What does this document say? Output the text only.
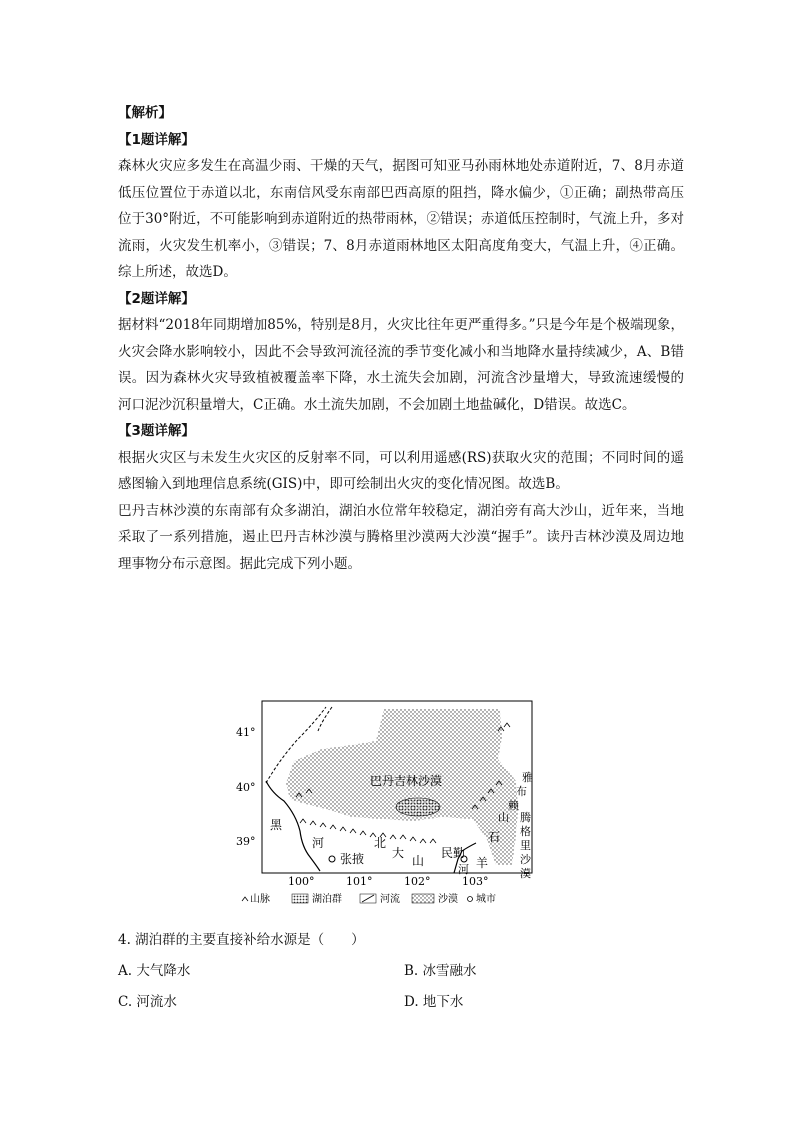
【解析】

【1题详解】

森林火灾应多发生在高温少雨、干燥的天气，据图可知亚马孙雨林地处赤道附近，7、8月赤道低压位置位于赤道以北，东南信风受东南部巴西高原的阻挡，降水偏少，①正确；副热带高压位于30°附近，不可能影响到赤道附近的热带雨林，②错误；赤道低压控制时，气流上升，多对流雨，火灾发生机率小，③错误；7、8月赤道雨林地区太阳高度角变大，气温上升，④正确。综上所述，故选D。

【2题详解】

据材料“2018年同期增加85%，特别是8月，火灾比往年更严重得多。”只是今年是个极端现象，火灾会降水影响较小，因此不会导致河流径流的季节变化减小和当地降水量持续减少，A、B错误。因为森林火灾导致植被覆盖率下降，水土流失会加剧，河流含沙量增大，导致流速缓慢的河口泥沙沉积量增大，C正确。水土流失加剧，不会加剧土地盐碱化，D错误。故选C。

【3题详解】

根据火灾区与未发生火灾区的反射率不同，可以利用遥感(RS)获取火灾的范围；不同时间的遥感图输入到地理信息系统(GIS)中，即可绘制出火灾的变化情况图。故选B。

巴丹吉林沙漠的东南部有众多湖泊，湖泊水位常年较稳定，湖泊旁有高大沙山，近年来，当地采取了一系列措施，遏止巴丹吉林沙漠与腾格里沙漠两大沙漠“握手”。读丹吉林沙漠及周边地理事物分布示意图。据此完成下列小题。

41°
40°
39°
100°	101°	102°	103°
巴丹吉林沙漠
黑
河	北
大
山
雅
布
赖
山 腾
格
里
沙
漠
石
羊
河
张掖	民勤
山脉	湖泊群	河流	沙漠 城市

4. 湖泊群的主要直接补给水源是（　　）

A. 大气降水	B. 冰雪融水
C. 河流水	D. 地下水
